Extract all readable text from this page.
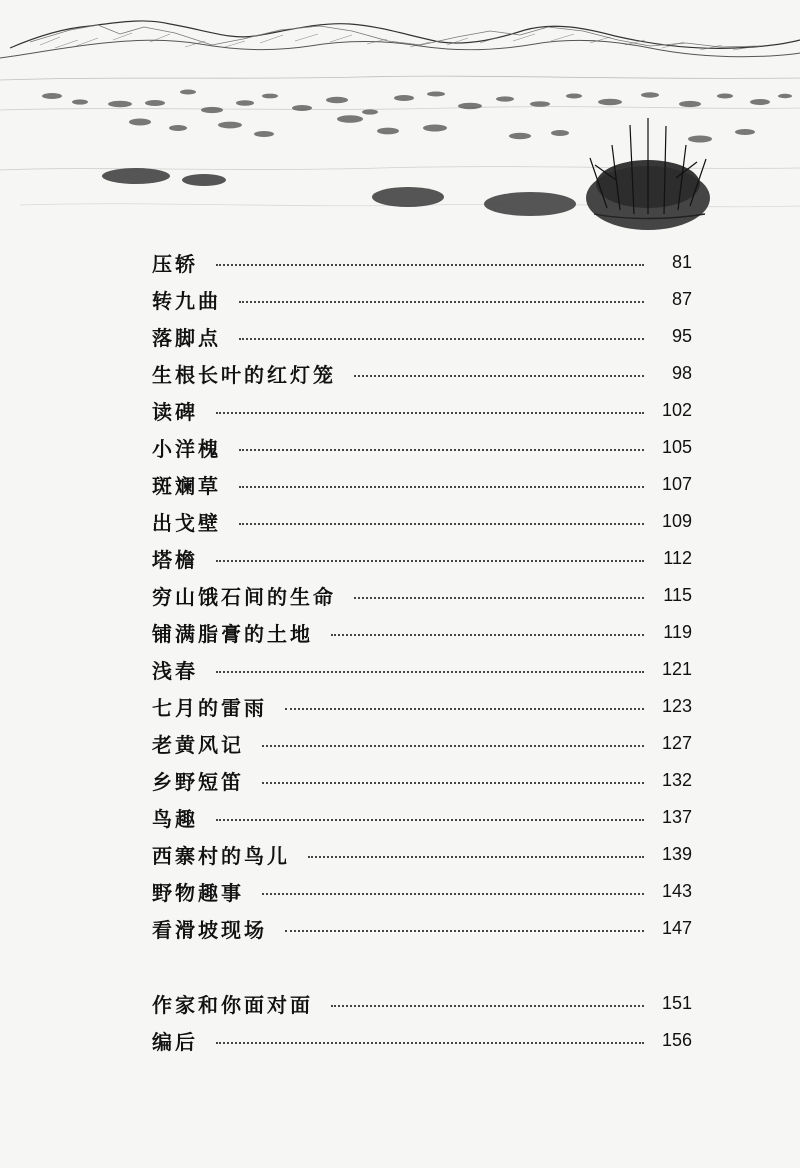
压轿	81
转九曲	87
落脚点	95
生根长叶的红灯笼	98
读碑	102
小洋槐	105
斑斓草	107
出戈壁	109
塔檐	112
穷山饿石间的生命	115
铺满脂膏的土地	119
浅春	121
七月的雷雨	123
老黄风记	127
乡野短笛	132
鸟趣	137
西寨村的鸟儿	139
野物趣事	143
看滑坡现场	147
作家和你面对面	151
编后	156
